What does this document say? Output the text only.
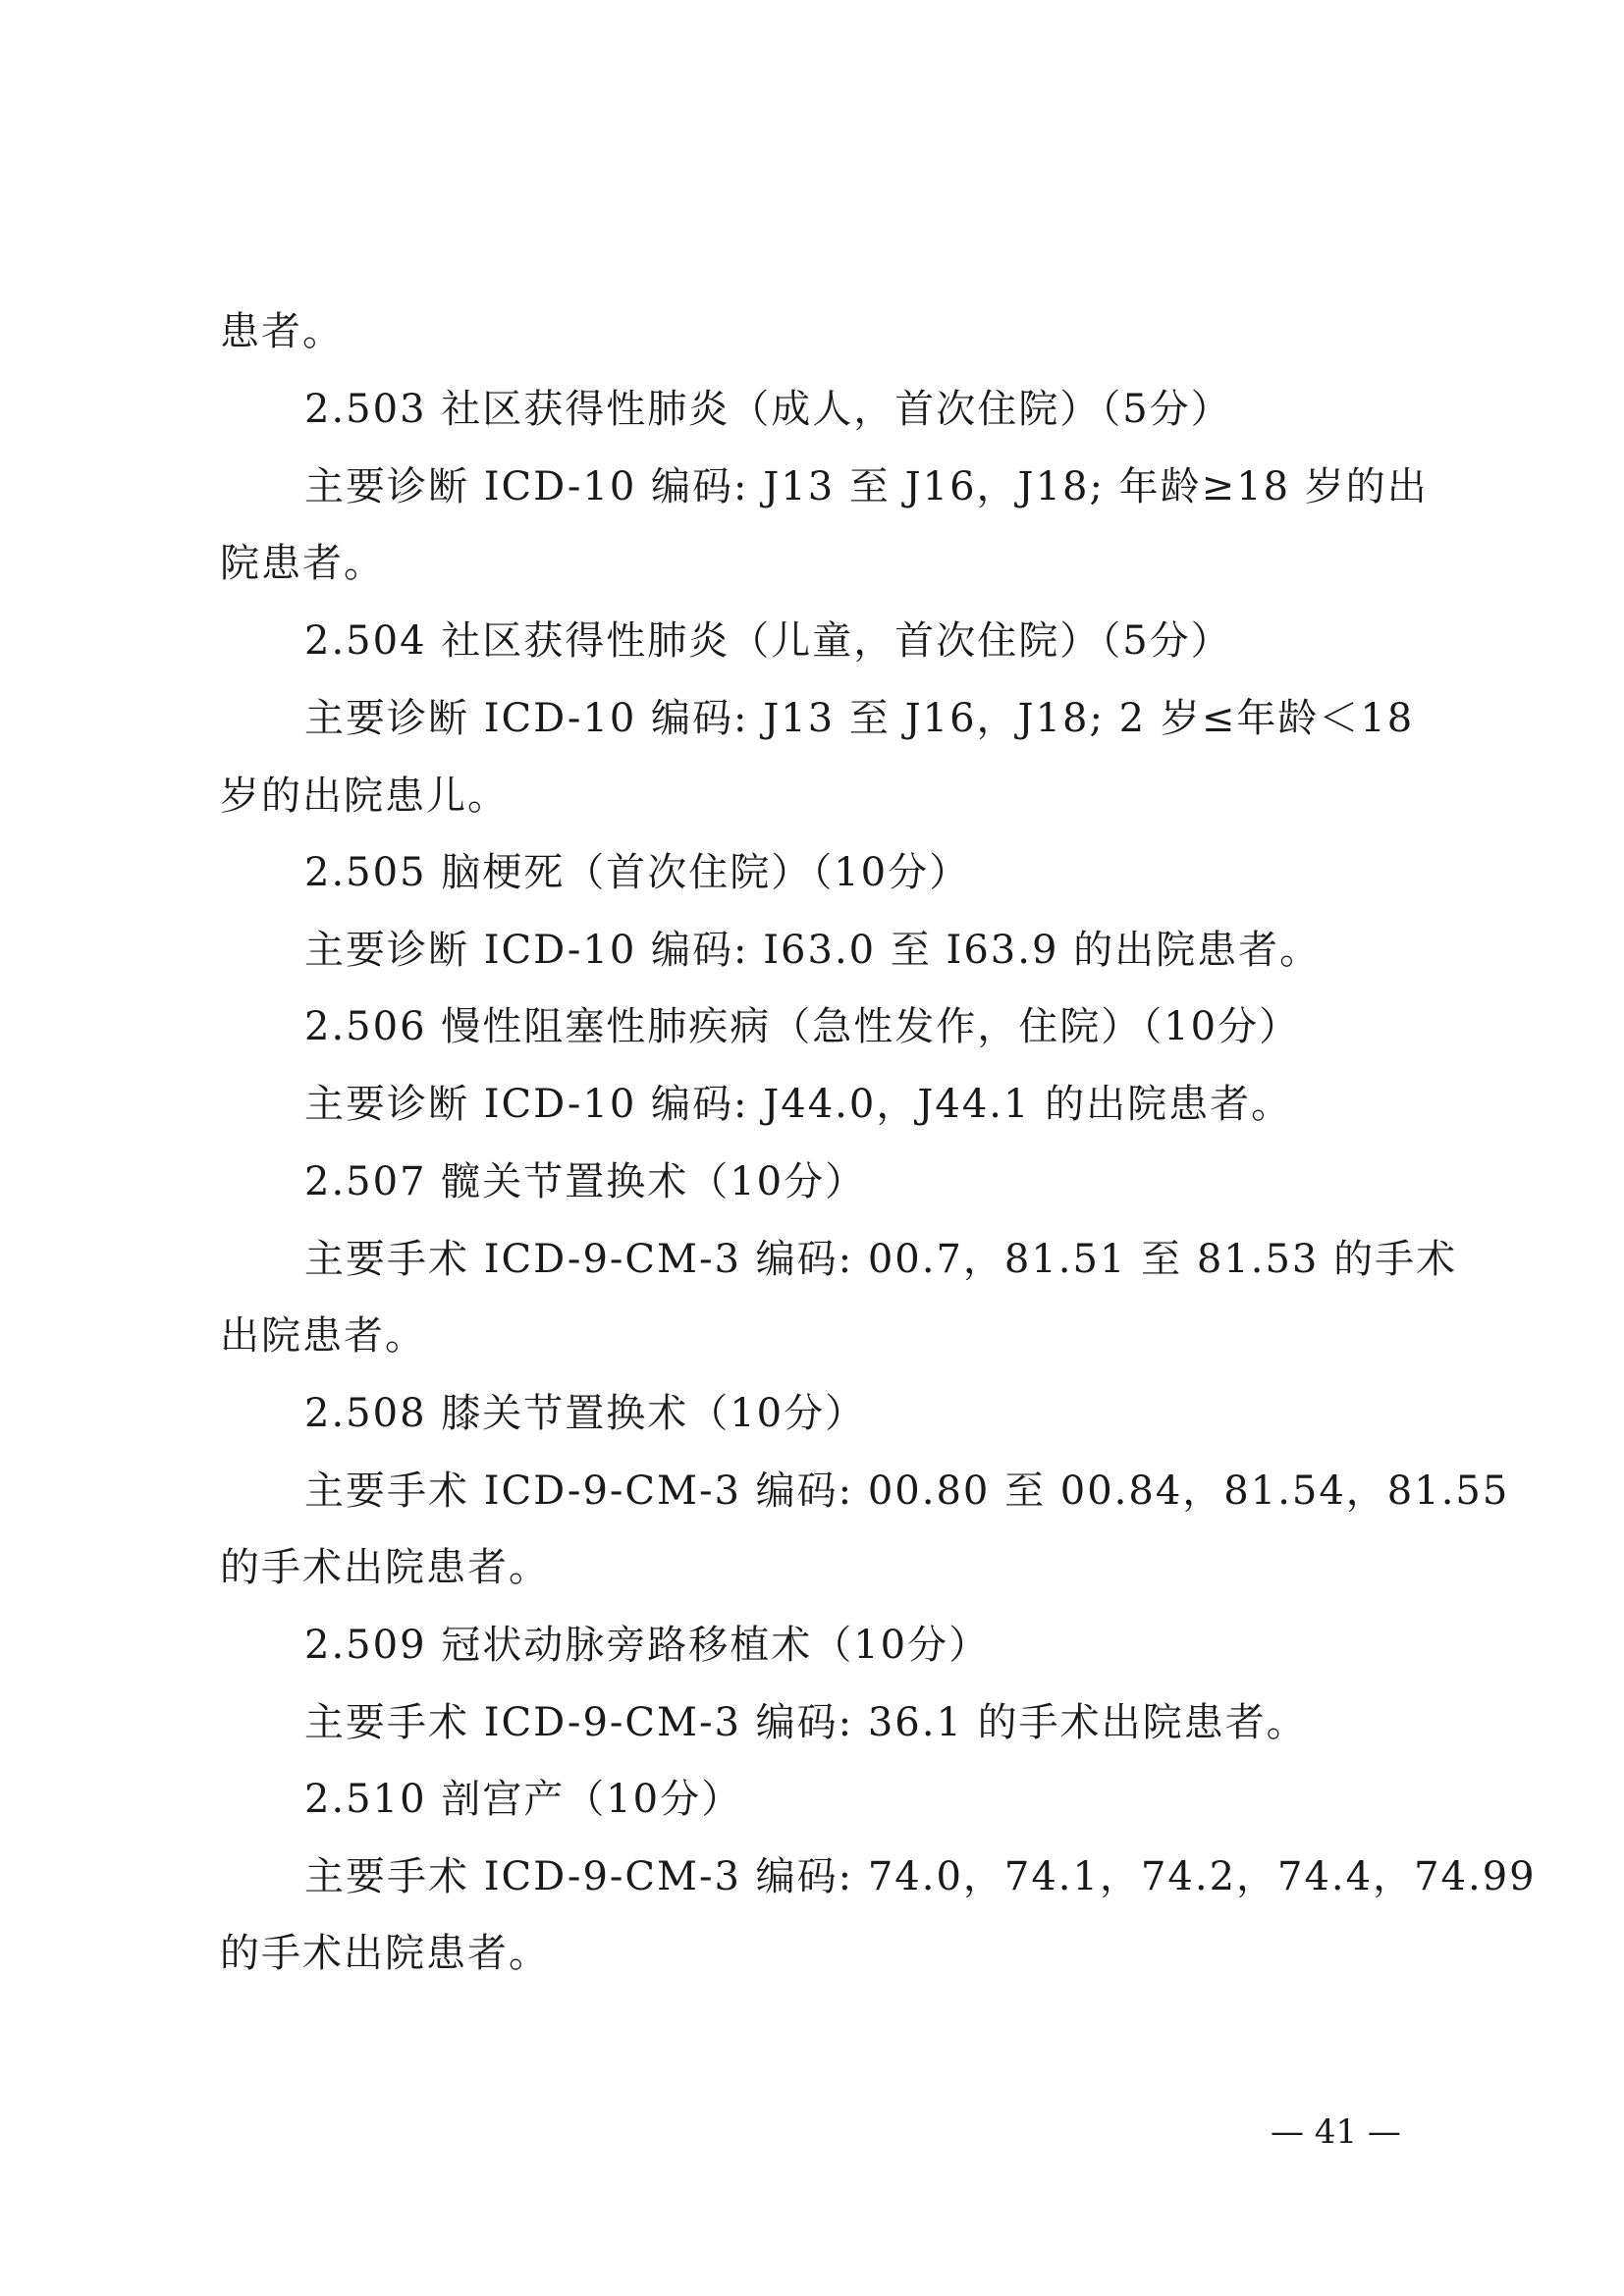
患者。
2.503 社区获得性肺炎（成人，首次住院）（5分）
主要诊断 ICD-10 编码: J13 至 J16，J18; 年龄≥18 岁的出
院患者。
2.504 社区获得性肺炎（儿童，首次住院）（5分）
主要诊断 ICD-10 编码: J13 至 J16，J18; 2 岁≤年龄＜18
岁的出院患儿。
2.505 脑梗死（首次住院）（10分）
主要诊断 ICD-10 编码: I63.0 至 I63.9 的出院患者。
2.506 慢性阻塞性肺疾病（急性发作，住院）（10分）
主要诊断 ICD-10 编码: J44.0，J44.1 的出院患者。
2.507 髋关节置换术（10分）
主要手术 ICD-9-CM-3 编码: 00.7，81.51 至 81.53 的手术
出院患者。
2.508 膝关节置换术（10分）
主要手术 ICD-9-CM-3 编码: 00.80 至 00.84，81.54，81.55
的手术出院患者。
2.509 冠状动脉旁路移植术（10分）
主要手术 ICD-9-CM-3 编码: 36.1 的手术出院患者。
2.510 剖宫产（10分）
主要手术 ICD-9-CM-3 编码: 74.0，74.1，74.2，74.4，74.99
的手术出院患者。
— 41 —
